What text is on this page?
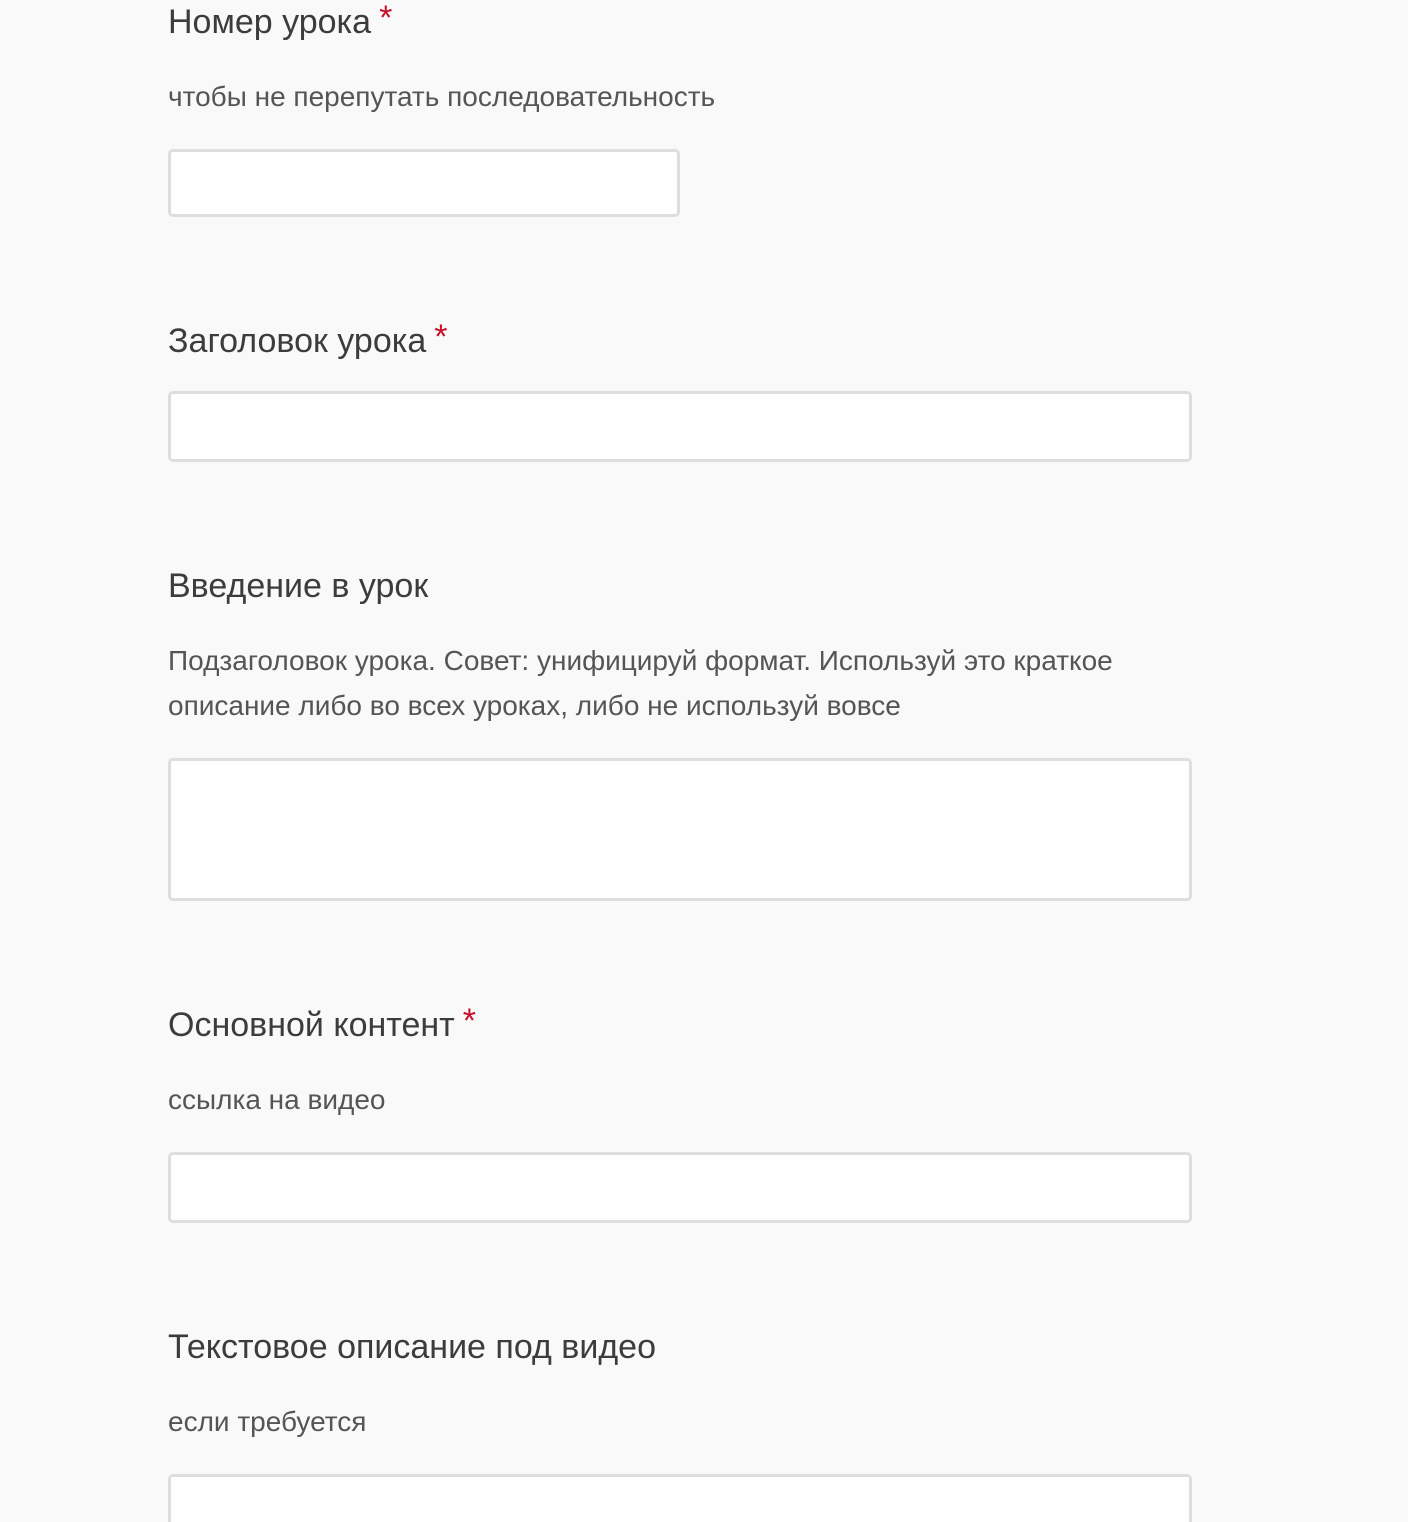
Номер урока *
чтобы не перепутать последовательность
Заголовок урока *
Введение в урок
Подзаголовок урока. Совет: унифицируй формат. Используй это краткое описание либо во всех уроках, либо не используй вовсе
Основной контент *
ссылка на видео
Текстовое описание под видео
если требуется
